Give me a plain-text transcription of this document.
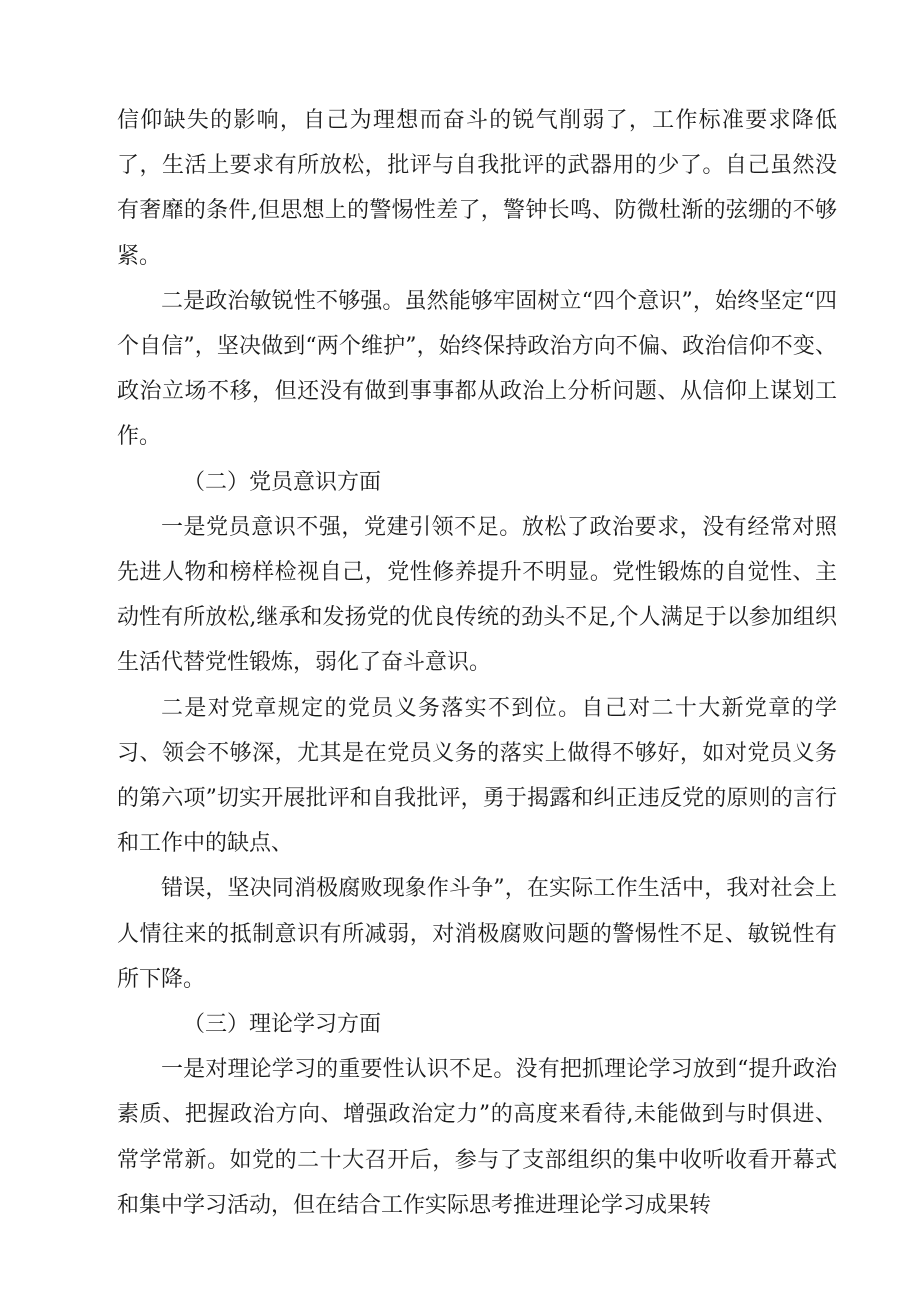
信仰缺失的影响，自己为理想而奋斗的锐气削弱了，工作标准要求降低了，生活上要求有所放松，批评与自我批评的武器用的少了。自己虽然没有奢靡的条件,但思想上的警惕性差了，警钟长鸣、防微杜渐的弦绷的不够紧。

二是政治敏锐性不够强。虽然能够牢固树立“四个意识”，始终坚定“四个自信”，坚决做到“两个维护”，始终保持政治方向不偏、政治信仰不变、政治立场不移，但还没有做到事事都从政治上分析问题、从信仰上谋划工作。

（二）党员意识方面

一是党员意识不强，党建引领不足。放松了政治要求，没有经常对照先进人物和榜样检视自己，党性修养提升不明显。党性锻炼的自觉性、主动性有所放松,继承和发扬党的优良传统的劲头不足,个人满足于以参加组织生活代替党性锻炼，弱化了奋斗意识。

二是对党章规定的党员义务落实不到位。自己对二十大新党章的学习、领会不够深，尤其是在党员义务的落实上做得不够好，如对党员义务的第六项”切实开展批评和自我批评，勇于揭露和纠正违反党的原则的言行和工作中的缺点、

错误，坚决同消极腐败现象作斗争”，在实际工作生活中，我对社会上人情往来的抵制意识有所减弱，对消极腐败问题的警惕性不足、敏锐性有所下降。

（三）理论学习方面

一是对理论学习的重要性认识不足。没有把抓理论学习放到“提升政治素质、把握政治方向、增强政治定力”的高度来看待,未能做到与时俱进、常学常新。如党的二十大召开后，参与了支部组织的集中收听收看开幕式和集中学习活动，但在结合工作实际思考推进理论学习成果转
